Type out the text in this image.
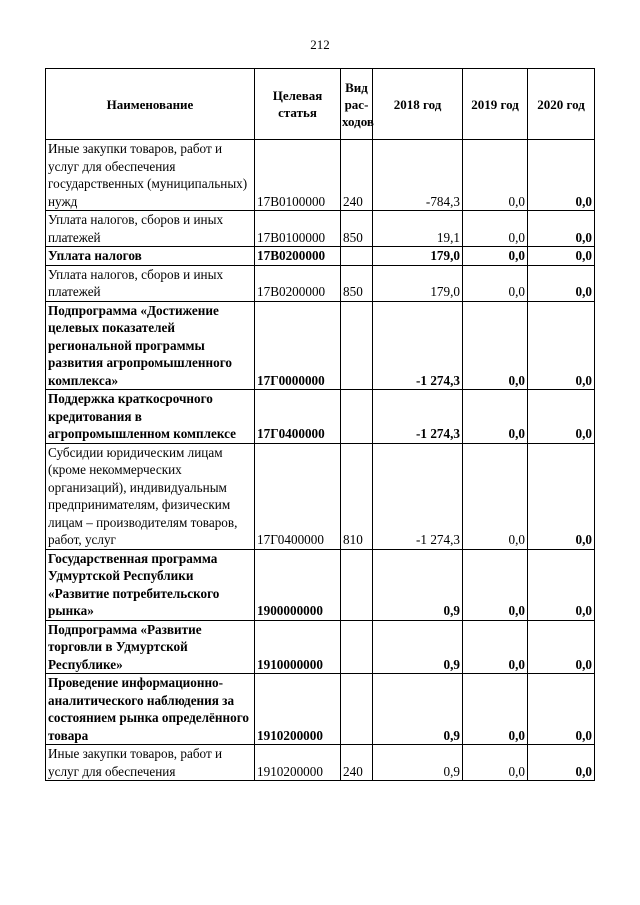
212
Наименование	Целевая статья	Вид рас-ходов	2018 год	2019 год	2020 год
Иные закупки товаров, работ и услуг для обеспечения государственных (муниципальных) нужд	17В0100000	240	-784,3	0,0	0,0
Уплата налогов, сборов и иных платежей	17В0100000	850	19,1	0,0	0,0
Уплата налогов	17В0200000		179,0	0,0	0,0
Уплата налогов, сборов и иных платежей	17В0200000	850	179,0	0,0	0,0
Подпрограмма «Достижение целевых показателей региональной программы развития агропромышленного комплекса»	17Г0000000		-1 274,3	0,0	0,0
Поддержка краткосрочного кредитования в агропромышленном комплексе	17Г0400000		-1 274,3	0,0	0,0
Субсидии юридическим лицам (кроме некоммерческих организаций), индивидуальным предпринимателям, физическим лицам – производителям товаров, работ, услуг	17Г0400000	810	-1 274,3	0,0	0,0
Государственная программа Удмуртской Республики «Развитие потребительского рынка»	1900000000		0,9	0,0	0,0
Подпрограмма «Развитие торговли в Удмуртской Республике»	1910000000		0,9	0,0	0,0
Проведение информационно-аналитического наблюдения за состоянием рынка определённого товара	1910200000		0,9	0,0	0,0
Иные закупки товаров, работ и услуг для обеспечения	1910200000	240	0,9	0,0	0,0
